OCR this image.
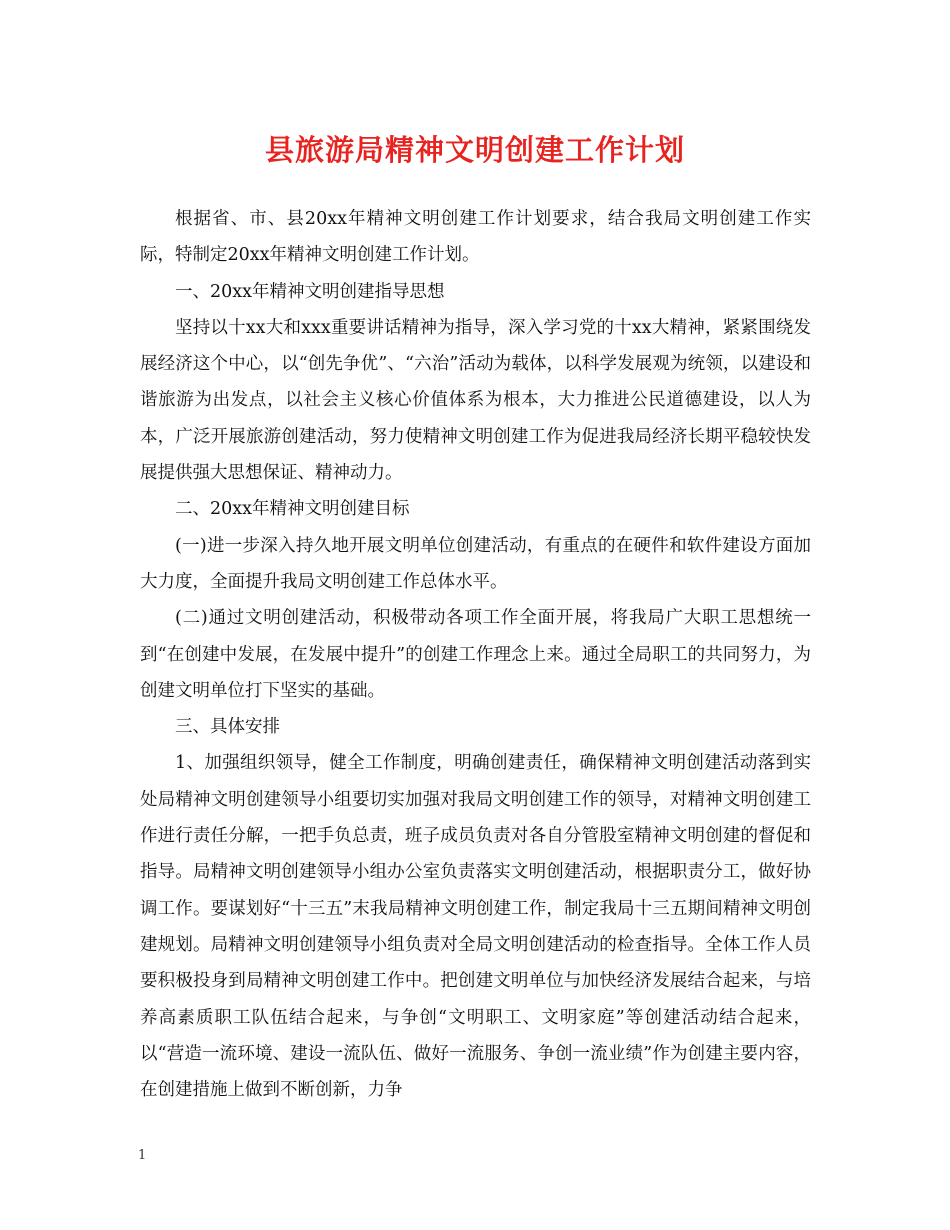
县旅游局精神文明创建工作计划

根据省、市、县20xx年精神文明创建工作计划要求，结合我局文明创建工作实际，特制定20xx年精神文明创建工作计划。

一、20xx年精神文明创建指导思想

坚持以十xx大和xxx重要讲话精神为指导，深入学习党的十xx大精神，紧紧围绕发展经济这个中心，以“创先争优”、“六治”活动为载体，以科学发展观为统领，以建设和谐旅游为出发点，以社会主义核心价值体系为根本，大力推进公民道德建设，以人为本，广泛开展旅游创建活动，努力使精神文明创建工作为促进我局经济长期平稳较快发展提供强大思想保证、精神动力。

二、20xx年精神文明创建目标

(一)进一步深入持久地开展文明单位创建活动，有重点的在硬件和软件建设方面加大力度，全面提升我局文明创建工作总体水平。

(二)通过文明创建活动，积极带动各项工作全面开展，将我局广大职工思想统一到“在创建中发展，在发展中提升”的创建工作理念上来。通过全局职工的共同努力，为创建文明单位打下坚实的基础。

三、具体安排

1、加强组织领导，健全工作制度，明确创建责任，确保精神文明创建活动落到实处局精神文明创建领导小组要切实加强对我局文明创建工作的领导，对精神文明创建工作进行责任分解，一把手负总责，班子成员负责对各自分管股室精神文明创建的督促和指导。局精神文明创建领导小组办公室负责落实文明创建活动，根据职责分工，做好协调工作。要谋划好“十三五”末我局精神文明创建工作，制定我局十三五期间精神文明创建规划。局精神文明创建领导小组负责对全局文明创建活动的检查指导。全体工作人员要积极投身到局精神文明创建工作中。把创建文明单位与加快经济发展结合起来，与培养高素质职工队伍结合起来，与争创“文明职工、文明家庭”等创建活动结合起来，以“营造一流环境、建设一流队伍、做好一流服务、争创一流业绩”作为创建主要内容，在创建措施上做到不断创新，力争

1
